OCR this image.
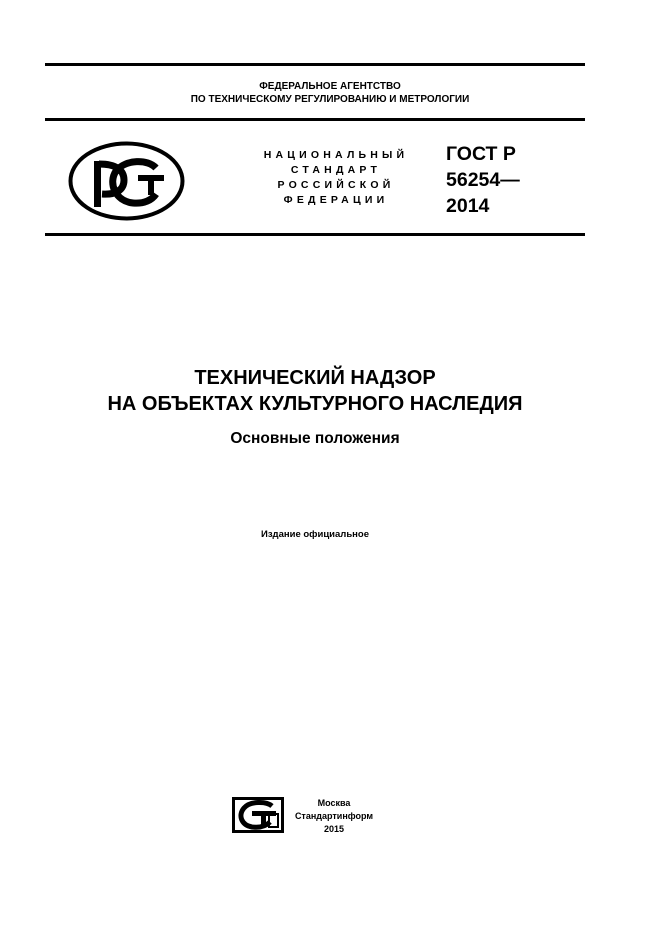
ФЕДЕРАЛЬНОЕ АГЕНТСТВО
ПО ТЕХНИЧЕСКОМУ РЕГУЛИРОВАНИЮ И МЕТРОЛОГИИ
НАЦИОНАЛЬНЫЙ
СТАНДАРТ
РОССИЙСКОЙ
ФЕДЕРАЦИИ
ГОСТ Р
56254—
2014
ТЕХНИЧЕСКИЙ НАДЗОР
НА ОБЪЕКТАХ КУЛЬТУРНОГО НАСЛЕДИЯ
Основные положения
Издание официальное
Москва
Стандартинформ
2015
